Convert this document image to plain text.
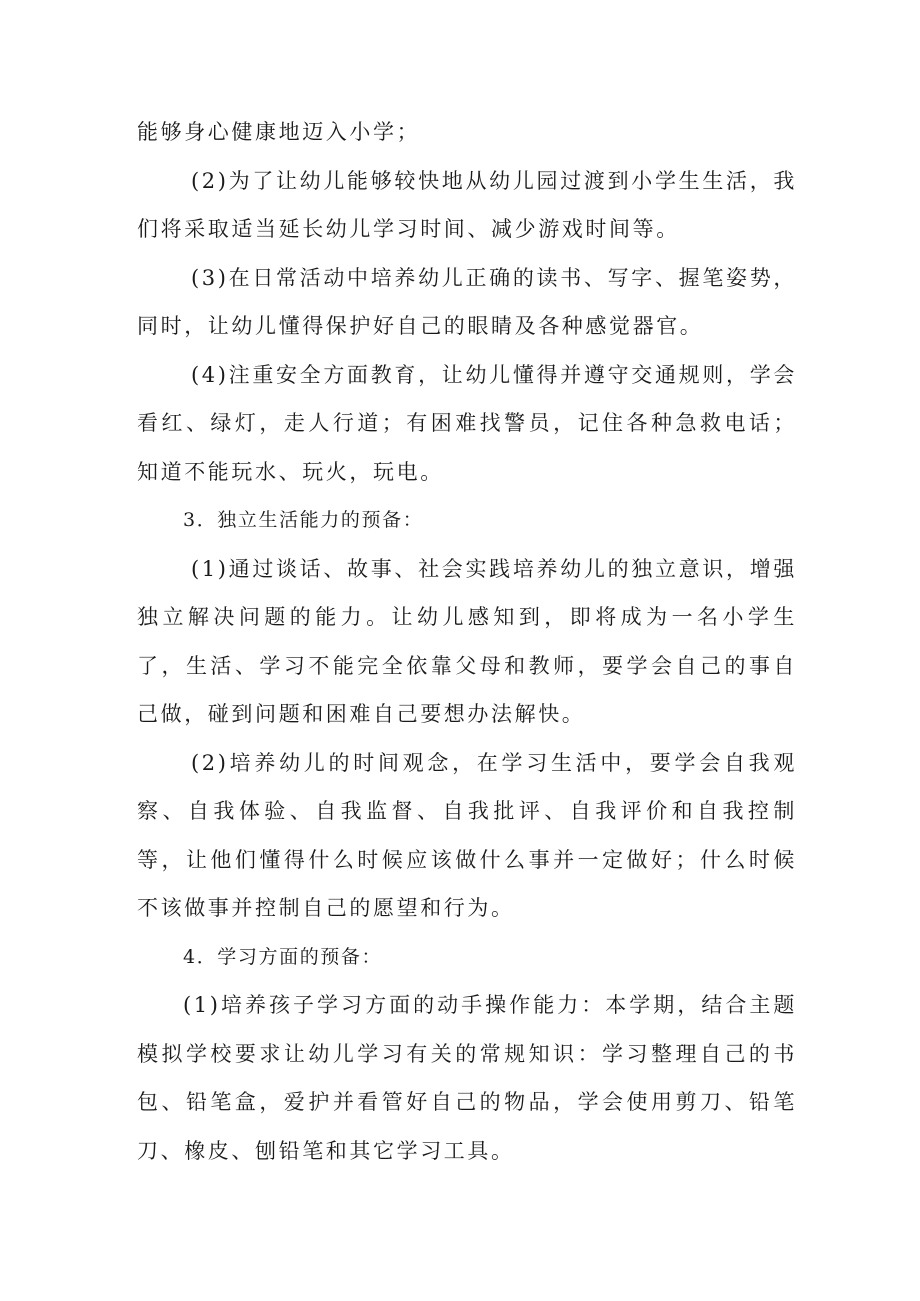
能够身心健康地迈入小学；

(2)为了让幼儿能够较快地从幼儿园过渡到小学生生活，我们将采取适当延长幼儿学习时间、减少游戏时间等。

(3)在日常活动中培养幼儿正确的读书、写字、握笔姿势，同时，让幼儿懂得保护好自己的眼睛及各种感觉器官。

(4)注重安全方面教育，让幼儿懂得并遵守交通规则，学会看红、绿灯，走人行道；有困难找警员，记住各种急救电话；知道不能玩水、玩火，玩电。

3．独立生活能力的预备：

(1)通过谈话、故事、社会实践培养幼儿的独立意识，增强独立解决问题的能力。让幼儿感知到，即将成为一名小学生了，生活、学习不能完全依靠父母和教师，要学会自己的事自己做，碰到问题和困难自己要想办法解快。

(2)培养幼儿的时间观念，在学习生活中，要学会自我观察、自我体验、自我监督、自我批评、自我评价和自我控制等，让他们懂得什么时候应该做什么事并一定做好；什么时候不该做事并控制自己的愿望和行为。

4．学习方面的预备：

(1)培养孩子学习方面的动手操作能力：本学期，结合主题模拟学校要求让幼儿学习有关的常规知识：学习整理自己的书包、铅笔盒，爱护并看管好自己的物品，学会使用剪刀、铅笔刀、橡皮、刨铅笔和其它学习工具。
